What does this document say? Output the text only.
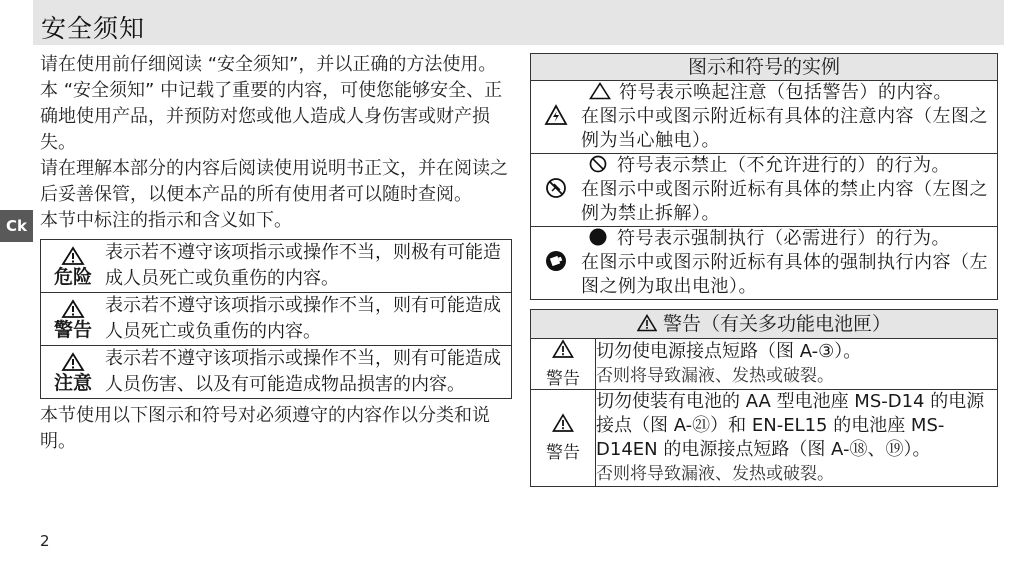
安全须知
Ck

请在使用前仔细阅读 “安全须知”，并以正确的方法使用。

本 “安全须知” 中记载了重要的内容，可使您能够安全、正确地使用产品，并预防对您或他人造成人身伤害或财产损失。

请在理解本部分的内容后阅读使用说明书正文，并在阅读之后妥善保管，以便本产品的所有使用者可以随时查阅。

本节中标注的指示和含义如下。

危险	表示若不遵守该项指示或操作不当，则极有可能造成人员死亡或负重伤的内容。

警告	表示若不遵守该项指示或操作不当，则有可能造成人员死亡或负重伤的内容。

注意	表示若不遵守该项指示或操作不当，则有可能造成人员伤害、以及有可能造成物品损害的内容。

本节使用以下图示和符号对必须遵守的内容作以分类和说明。

图示和符号的实例	

符号表示唤起注意（包括警告）的内容。
在图示中或图示附近标有具体的注意内容（左图之例为当心触电）。

符号表示禁止（不允许进行的）的行为。
在图示中或图示附近标有具体的禁止内容（左图之例为禁止拆解）。

符号表示强制执行（必需进行）的行为。
在图示中或图示附近标有具体的强制执行内容（左图之例为取出电池）。
警告（有关多功能电池匣）	

警告	切勿使电源接点短路（图 A-③）。
否则将导致漏液、发热或破裂。

警告	切勿使装有电池的 AA 型电池座 MS-D14 的电源接点（图 A-㉑）和 EN-EL15 的电池座 MS-D14EN 的电源接点短路（图 A-⑱、⑲）。
否则将导致漏液、发热或破裂。
2
